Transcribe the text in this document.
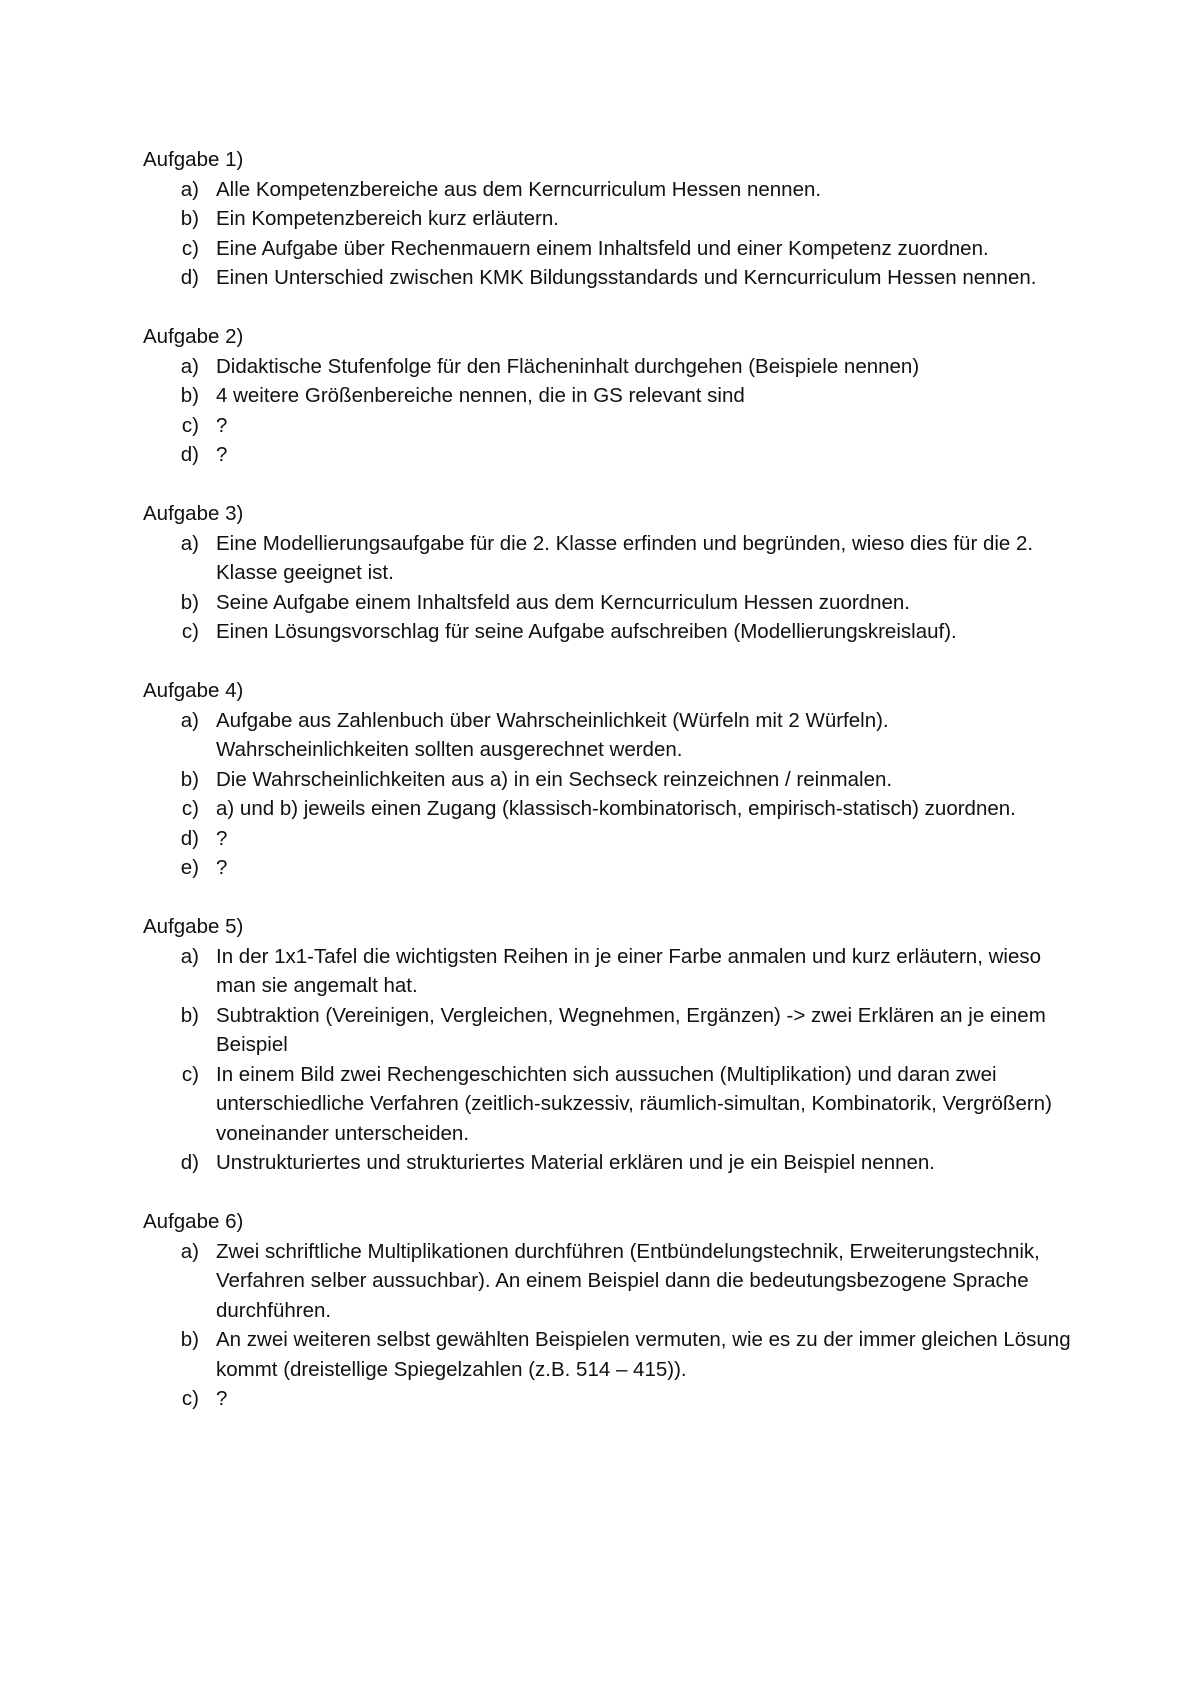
Aufgabe 1)
a) Alle Kompetenzbereiche aus dem Kerncurriculum Hessen nennen.
b) Ein Kompetenzbereich kurz erläutern.
c) Eine Aufgabe über Rechenmauern einem Inhaltsfeld und einer Kompetenz zuordnen.
d) Einen Unterschied zwischen KMK Bildungsstandards und Kerncurriculum Hessen nennen.
Aufgabe 2)
a) Didaktische Stufenfolge für den Flächeninhalt durchgehen (Beispiele nennen)
b) 4 weitere Größenbereiche nennen, die in GS relevant sind
c) ?
d) ?
Aufgabe 3)
a) Eine Modellierungsaufgabe für die 2. Klasse erfinden und begründen, wieso dies für die 2. Klasse geeignet ist.
b) Seine Aufgabe einem Inhaltsfeld aus dem Kerncurriculum Hessen zuordnen.
c) Einen Lösungsvorschlag für seine Aufgabe aufschreiben (Modellierungskreislauf).
Aufgabe 4)
a) Aufgabe aus Zahlenbuch über Wahrscheinlichkeit (Würfeln mit 2 Würfeln). Wahrscheinlichkeiten sollten ausgerechnet werden.
b) Die Wahrscheinlichkeiten aus a) in ein Sechseck reinzeichnen / reinmalen.
c) a) und b) jeweils einen Zugang (klassisch-kombinatorisch, empirisch-statisch) zuordnen.
d) ?
e) ?
Aufgabe 5)
a) In der 1x1-Tafel die wichtigsten Reihen in je einer Farbe anmalen und kurz erläutern, wieso man sie angemalt hat.
b) Subtraktion (Vereinigen, Vergleichen, Wegnehmen, Ergänzen) -> zwei Erklären an je einem Beispiel
c) In einem Bild zwei Rechengeschichten sich aussuchen (Multiplikation) und daran zwei unterschiedliche Verfahren (zeitlich-sukzessiv, räumlich-simultan, Kombinatorik, Vergrößern) voneinander unterscheiden.
d) Unstrukturiertes und strukturiertes Material erklären und je ein Beispiel nennen.
Aufgabe 6)
a) Zwei schriftliche Multiplikationen durchführen (Entbündelungstechnik, Erweiterungstechnik, Verfahren selber aussuchbar). An einem Beispiel dann die bedeutungsbezogene Sprache durchführen.
b) An zwei weiteren selbst gewählten Beispielen vermuten, wie es zu der immer gleichen Lösung kommt (dreistellige Spiegelzahlen (z.B. 514 – 415)).
c) ?
